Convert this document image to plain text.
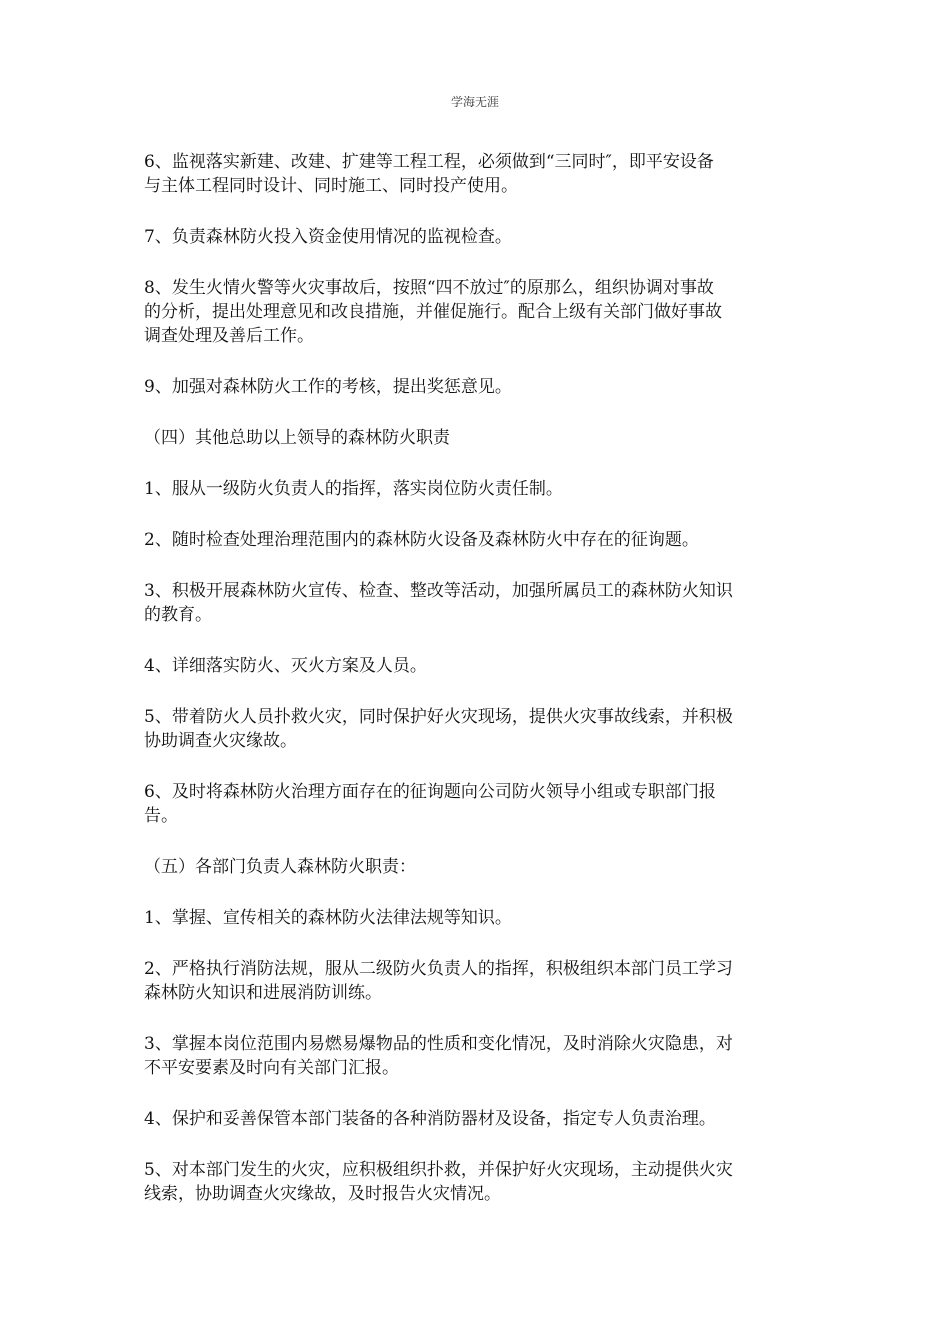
学海无涯
6、监视落实新建、改建、扩建等工程工程，必须做到“三同时″，即平安设备
与主体工程同时设计、同时施工、同时投产使用。
7、负责森林防火投入资金使用情况的监视检查。
8、发生火情火警等火灾事故后，按照“四不放过″的原那么，组织协调对事故
的分析，提出处理意见和改良措施，并催促施行。配合上级有关部门做好事故
调查处理及善后工作。
9、加强对森林防火工作的考核，提出奖惩意见。
（四）其他总助以上领导的森林防火职责
1、服从一级防火负责人的指挥，落实岗位防火责任制。
2、随时检查处理治理范围内的森林防火设备及森林防火中存在的征询题。
3、积极开展森林防火宣传、检查、整改等活动，加强所属员工的森林防火知识
的教育。
4、详细落实防火、灭火方案及人员。
5、带着防火人员扑救火灾，同时保护好火灾现场，提供火灾事故线索，并积极
协助调查火灾缘故。
6、及时将森林防火治理方面存在的征询题向公司防火领导小组或专职部门报
告。
（五）各部门负责人森林防火职责：
1、掌握、宣传相关的森林防火法律法规等知识。
2、严格执行消防法规，服从二级防火负责人的指挥，积极组织本部门员工学习
森林防火知识和进展消防训练。
3、掌握本岗位范围内易燃易爆物品的性质和变化情况，及时消除火灾隐患，对
不平安要素及时向有关部门汇报。
4、保护和妥善保管本部门装备的各种消防器材及设备，指定专人负责治理。
5、对本部门发生的火灾，应积极组织扑救，并保护好火灾现场，主动提供火灾
线索，协助调查火灾缘故，及时报告火灾情况。
